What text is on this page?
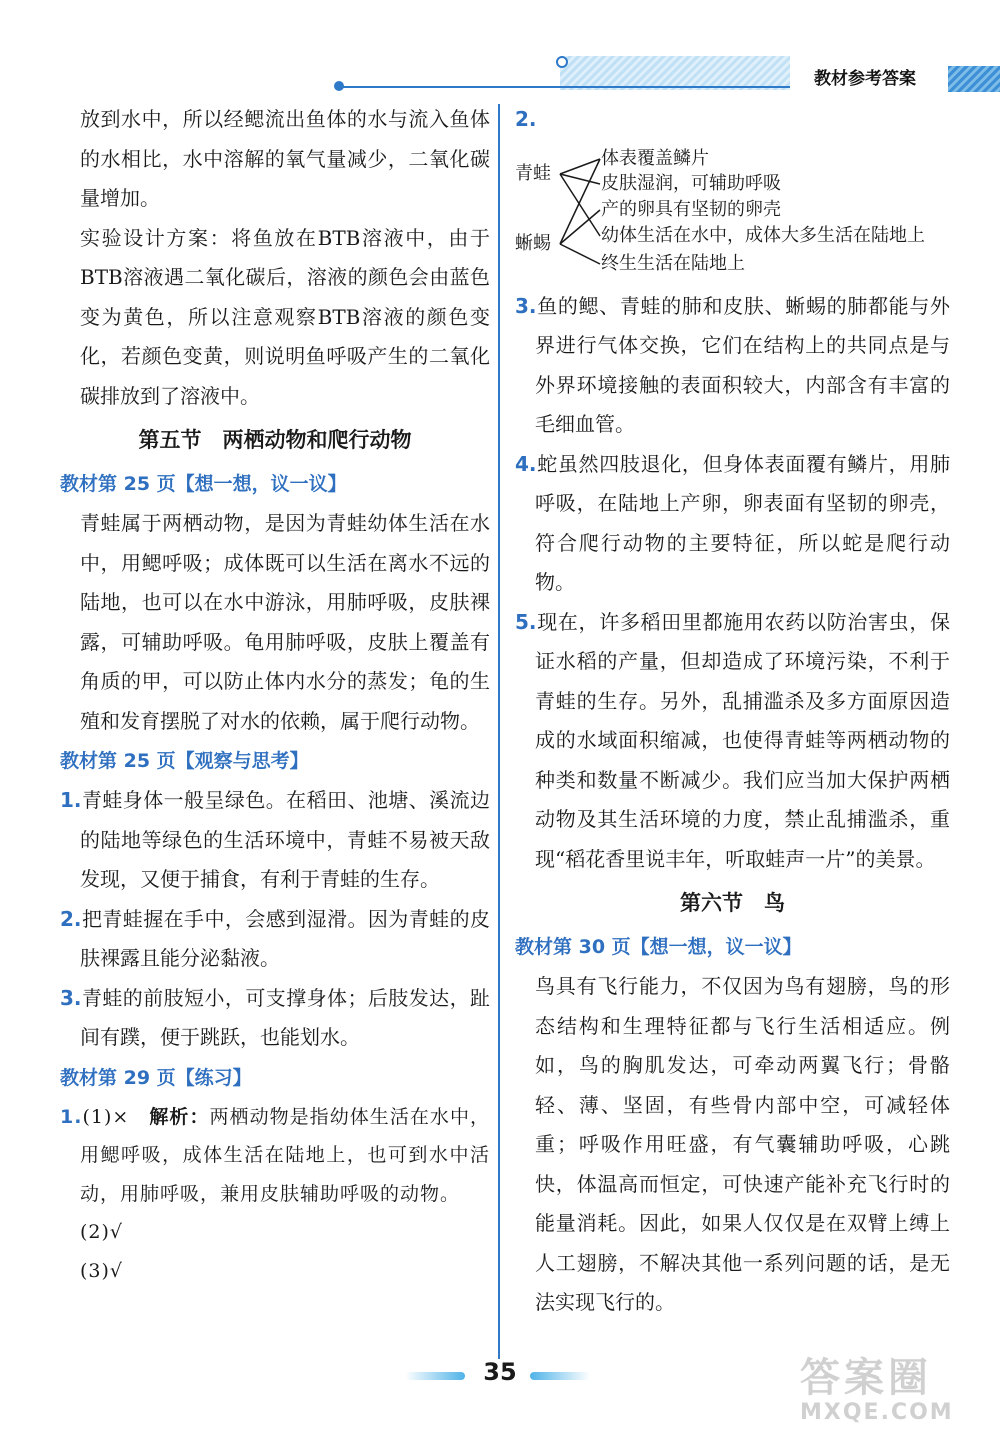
教材参考答案

放到水中，所以经鳃流出鱼体的水与流入鱼体的水相比，水中溶解的氧气量减少，二氧化碳量增加。

实验设计方案：将鱼放在BTB溶液中，由于BTB溶液遇二氧化碳后，溶液的颜色会由蓝色变为黄色，所以注意观察BTB溶液的颜色变化，若颜色变黄，则说明鱼呼吸产生的二氧化碳排放到了溶液中。

第五节　两栖动物和爬行动物
教材第 25 页【想一想，议一议】

青蛙属于两栖动物，是因为青蛙幼体生活在水中，用鳃呼吸；成体既可以生活在离水不远的陆地，也可以在水中游泳，用肺呼吸，皮肤裸露，可辅助呼吸。龟用肺呼吸，皮肤上覆盖有角质的甲，可以防止体内水分的蒸发；龟的生殖和发育摆脱了对水的依赖，属于爬行动物。

教材第 25 页【观察与思考】

1.青蛙身体一般呈绿色。在稻田、池塘、溪流边的陆地等绿色的生活环境中，青蛙不易被天敌发现，又便于捕食，有利于青蛙的生存。

2.把青蛙握在手中，会感到湿滑。因为青蛙的皮肤裸露且能分泌黏液。

3.青蛙的前肢短小，可支撑身体；后肢发达，趾间有蹼，便于跳跃，也能划水。

教材第 29 页【练习】

1.(1)×　 解析：两栖动物是指幼体生活在水中，用鳃呼吸，成体生活在陆地上，也可到水中活动，用肺呼吸，兼用皮肤辅助呼吸的动物。

(2)√

(3)√

2.

青蛙
蜥蜴
体表覆盖鳞片
皮肤湿润，可辅助呼吸
产的卵具有坚韧的卵壳
幼体生活在水中，成体大多生活在陆地上
终生生活在陆地上

3.鱼的鳃、青蛙的肺和皮肤、蜥蜴的肺都能与外界进行气体交换，它们在结构上的共同点是与外界环境接触的表面积较大，内部含有丰富的毛细血管。

4.蛇虽然四肢退化，但身体表面覆有鳞片，用肺呼吸，在陆地上产卵，卵表面有坚韧的卵壳，符合爬行动物的主要特征，所以蛇是爬行动物。

5.现在，许多稻田里都施用农药以防治害虫，保证水稻的产量，但却造成了环境污染，不利于青蛙的生存。另外，乱捕滥杀及多方面原因造成的水域面积缩减，也使得青蛙等两栖动物的种类和数量不断减少。我们应当加大保护两栖动物及其生活环境的力度，禁止乱捕滥杀，重现“稻花香里说丰年，听取蛙声一片”的美景。

第六节　鸟
教材第 30 页【想一想，议一议】

鸟具有飞行能力，不仅因为鸟有翅膀，鸟的形态结构和生理特征都与飞行生活相适应。例如，鸟的胸肌发达，可牵动两翼飞行；骨骼轻、薄、坚固，有些骨内部中空，可减轻体重；呼吸作用旺盛，有气囊辅助呼吸，心跳快，体温高而恒定，可快速产能补充飞行时的能量消耗。因此，如果人仅仅是在双臂上缚上人工翅膀，不解决其他一系列问题的话，是无法实现飞行的。

35	答案圈
MXQE.COM
